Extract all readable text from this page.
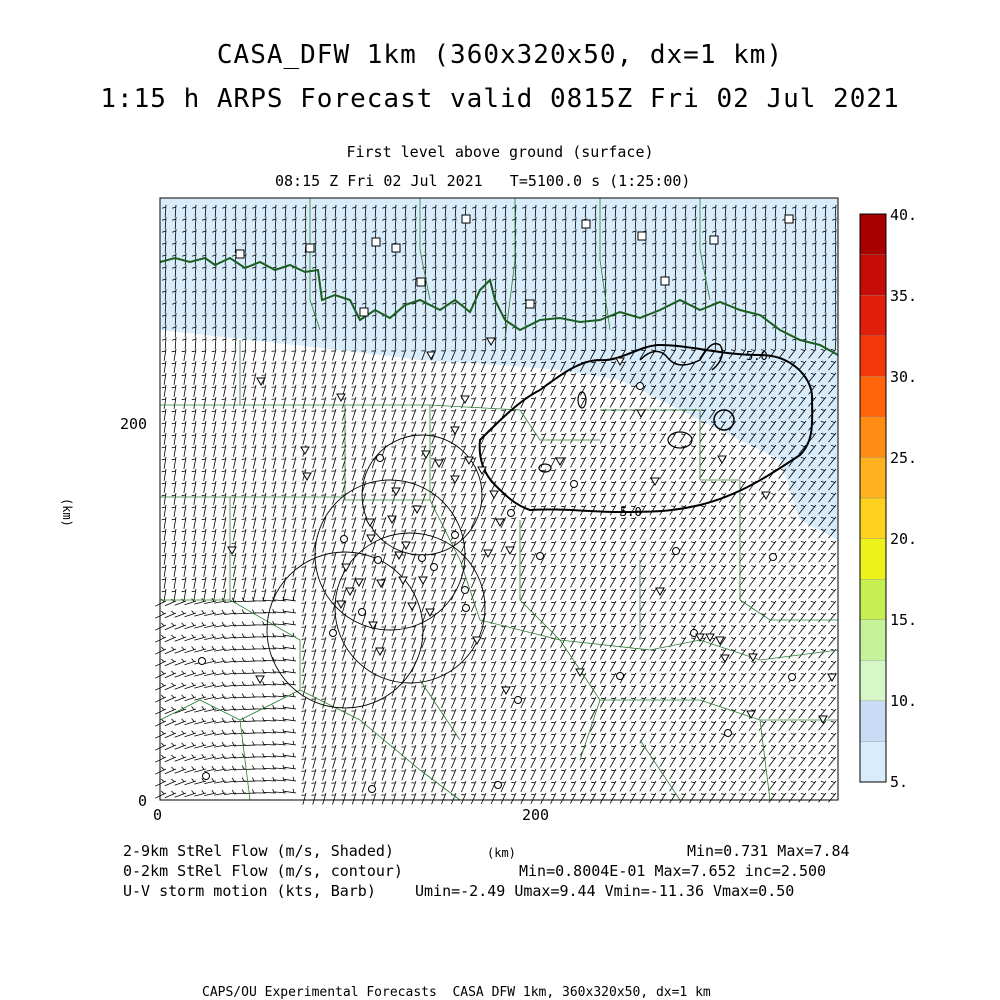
CASA_DFW 1km (360x320x50, dx=1 km)
1:15 h ARPS Forecast valid 0815Z Fri 02 Jul 2021
First level above ground (surface)
08:15 Z Fri 02 Jul 2021   T=5100.0 s (1:25:00)
5.0
5.0
0
200
0	200
(km)
5.
10.
15.
20.
25.
30.
35.
40.
2-9km StRel Flow (m/s, Shaded)
0-2km StRel Flow (m/s, contour)
U-V storm motion (kts, Barb)
(km)	Min=0.731 Max=7.84
Min=0.8004E-01 Max=7.652 inc=2.500
Umin=-2.49 Umax=9.44 Vmin=-11.36 Vmax=0.50
CAPS/OU Experimental Forecasts  CASA DFW 1km, 360x320x50, dx=1 km
